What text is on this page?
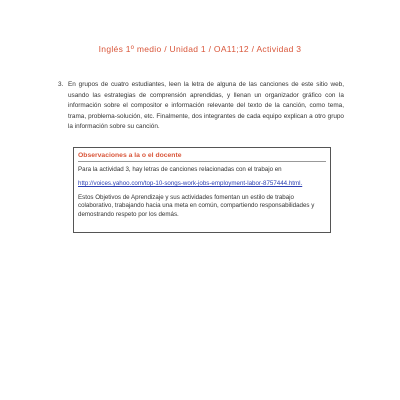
Inglés 1º medio / Unidad 1 / OA11;12 / Actividad 3
3. En grupos de cuatro estudiantes, leen la letra de alguna de las canciones de este sitio web, usando las estrategias de comprensión aprendidas, y llenan un organizador gráfico con la información sobre el compositor e información relevante del texto de la canción, como tema, trama, problema-solución, etc. Finalmente, dos integrantes de cada equipo explican a otro grupo la información sobre su canción.
Observaciones a la o el docente

Para la actividad 3, hay letras de canciones relacionadas con el trabajo en

http://voices.yahoo.com/top-10-songs-work-jobs-employment-labor-8757444.html.

Estos Objetivos de Aprendizaje y sus actividades fomentan un estilo de trabajo colaborativo, trabajando hacia una meta en común, compartiendo responsabilidades y demostrando respeto por los demás.
